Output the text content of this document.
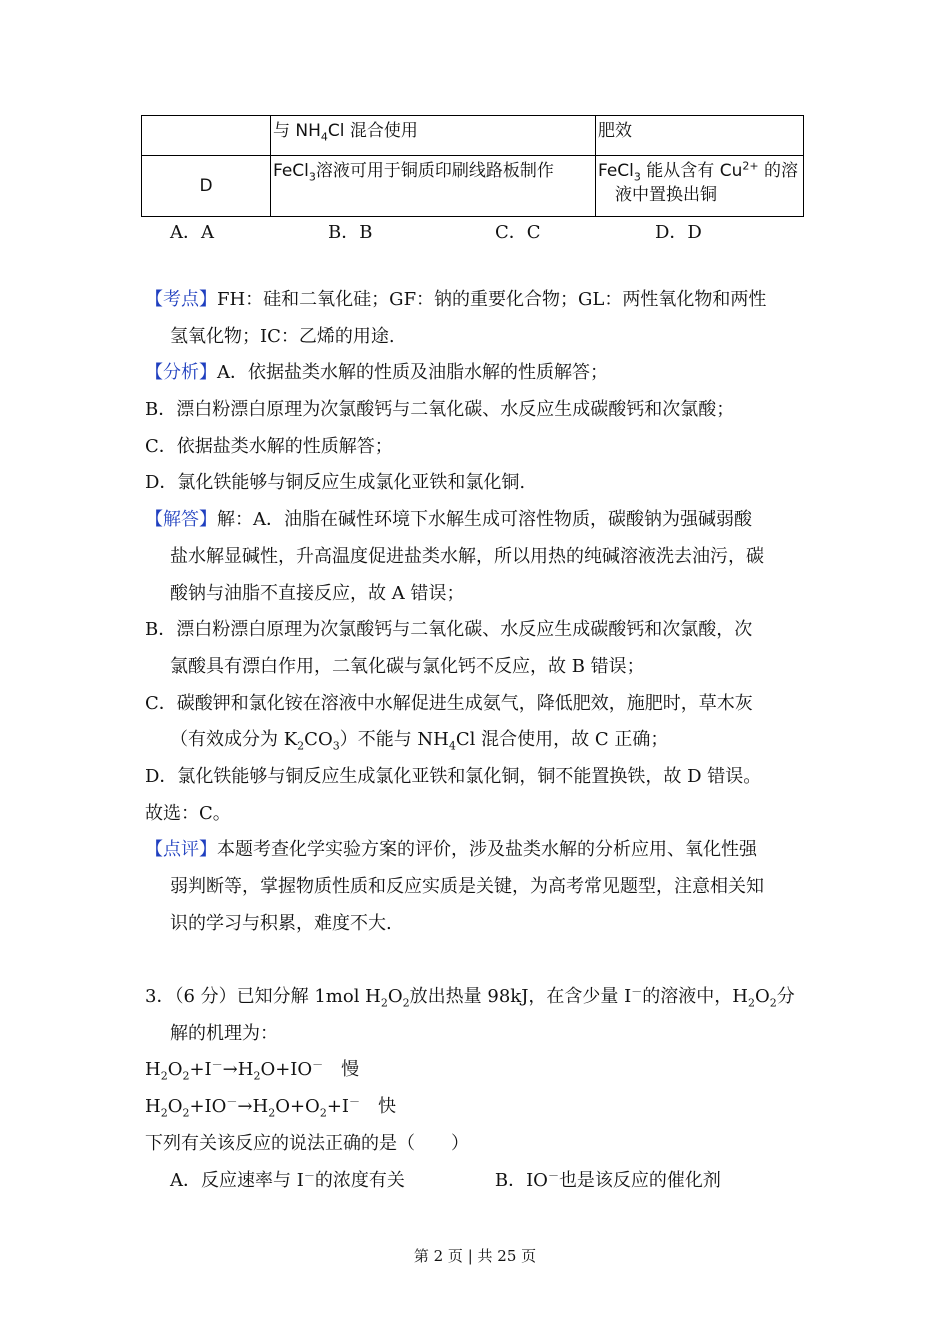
	与 $NH_4Cl$ 混合使用	肥效
D	FeCl$_3$溶液可用于铜质印刷线路板制作	FeCl$_3$ 能从含有 $Cu^{2+}$ 的溶
　液中置换出铜
A．A	B．B	C．C	D．D
【考点】FH：硅和二氧化硅；GF：钠的重要化合物；GL：两性氧化物和两性
氢氧化物；IC：乙烯的用途.
【分析】A．依据盐类水解的性质及油脂水解的性质解答；
B．漂白粉漂白原理为次氯酸钙与二氧化碳、水反应生成碳酸钙和次氯酸；
C．依据盐类水解的性质解答；
D．氯化铁能够与铜反应生成氯化亚铁和氯化铜.
【解答】解：A．油脂在碱性环境下水解生成可溶性物质，碳酸钠为强碱弱酸
盐水解显碱性，升高温度促进盐类水解，所以用热的纯碱溶液洗去油污，碳
酸钠与油脂不直接反应，故 A 错误；
B．漂白粉漂白原理为次氯酸钙与二氧化碳、水反应生成碳酸钙和次氯酸，次
氯酸具有漂白作用，二氧化碳与氯化钙不反应，故 B 错误；
C．碳酸钾和氯化铵在溶液中水解促进生成氨气，降低肥效，施肥时，草木灰
（有效成分为 $K_2CO_3$）不能与 $NH_4Cl$ 混合使用，故 C 正确；
D．氯化铁能够与铜反应生成氯化亚铁和氯化铜，铜不能置换铁，故 D 错误。
故选：C。
【点评】本题考查化学实验方案的评价，涉及盐类水解的分析应用、氧化性强
弱判断等，掌握物质性质和反应实质是关键，为高考常见题型，注意相关知
识的学习与积累，难度不大.
3．（6 分）已知分解 1mol $H_2O_2$放出热量 98kJ，在含少量 I－的溶液中，$H_2O_2$分
解的机理为：
$H_2O_2+I^-\to H_2O+IO^-$　慢
$H_2O_2+IO^-\to H_2O+O_2+I^-$　快
下列有关该反应的说法正确的是（　　）
A．反应速率与 I－的浓度有关　　　　　B．IO－也是该反应的催化剂
第 2 页 | 共 25 页
